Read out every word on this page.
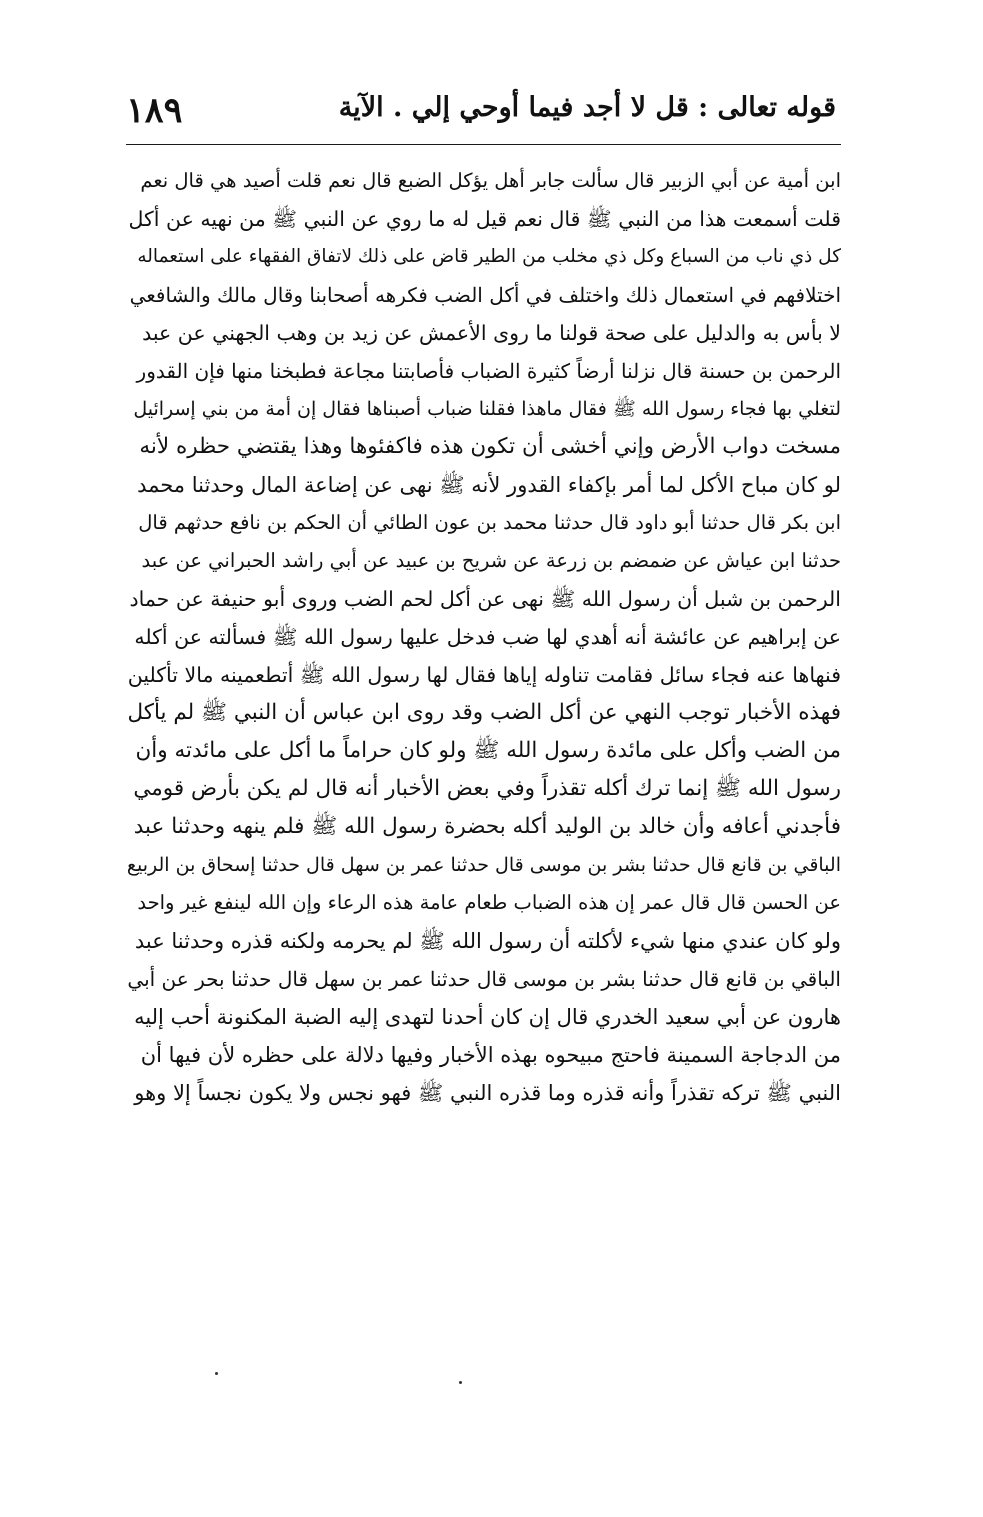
قوله تعالى : قل لا أجد فيما أوحي إلي . الآية
١٨٩
ابن أمية عن أبي الزبير قال سألت جابر أهل يؤكل الضبع قال نعم قلت أصيد هي قال نعم
قلت أسمعت هذا من النبي ﷺ قال نعم قيل له ما روي عن النبي ﷺ من نهيه عن أكل
كل ذي ناب من السباع وكل ذي مخلب من الطير قاض على ذلك لاتفاق الفقهاء على استعماله
اختلافهم في استعمال ذلك واختلف في أكل الضب فكرهه أصحابنا وقال مالك والشافعي
لا بأس به والدليل على صحة قولنا ما روى الأعمش عن زيد بن وهب الجهني عن عبد
الرحمن بن حسنة قال نزلنا أرضاً كثيرة الضباب فأصابتنا مجاعة فطبخنا منها فإن القدور
لتغلي بها فجاء رسول الله ﷺ فقال ماهذا فقلنا ضباب أصبناها فقال إن أمة من بني إسرائيل
مسخت دواب الأرض وإني أخشى أن تكون هذه فاكفئوها وهذا يقتضي حظره لأنه
لو كان مباح الأكل لما أمر بإكفاء القدور لأنه ﷺ نهى عن إضاعة المال وحدثنا محمد
ابن بكر قال حدثنا أبو داود قال حدثنا محمد بن عون الطائي أن الحكم بن نافع حدثهم قال
حدثنا ابن عياش عن ضمضم بن زرعة عن شريح بن عبيد عن أبي راشد الحبراني عن عبد
الرحمن بن شبل أن رسول الله ﷺ نهى عن أكل لحم الضب وروى أبو حنيفة عن حماد
عن إبراهيم عن عائشة أنه أهدي لها ضب فدخل عليها رسول الله ﷺ فسألته عن أكله
فنهاها عنه فجاء سائل فقامت تناوله إياها فقال لها رسول الله ﷺ أتطعمينه مالا تأكلين
فهذه الأخبار توجب النهي عن أكل الضب وقد روى ابن عباس أن النبي ﷺ لم يأكل
من الضب وأكل على مائدة رسول الله ﷺ ولو كان حراماً ما أكل على مائدته وأن
رسول الله ﷺ إنما ترك أكله تقذراً وفي بعض الأخبار أنه قال لم يكن بأرض قومي
فأجدني أعافه وأن خالد بن الوليد أكله بحضرة رسول الله ﷺ فلم ينهه وحدثنا عبد
الباقي بن قانع قال حدثنا بشر بن موسى قال حدثنا عمر بن سهل قال حدثنا إسحاق بن الربيع
عن الحسن قال قال عمر إن هذه الضباب طعام عامة هذه الرعاء وإن الله لينفع غير واحد
ولو كان عندي منها شيء لأكلته أن رسول الله ﷺ لم يحرمه ولكنه قذره وحدثنا عبد
الباقي بن قانع قال حدثنا بشر بن موسى قال حدثنا عمر بن سهل قال حدثنا بحر عن أبي
هارون عن أبي سعيد الخدري قال إن كان أحدنا لتهدى إليه الضبة المكنونة أحب إليه
من الدجاجة السمينة فاحتج مبيحوه بهذه الأخبار وفيها دلالة على حظره لأن فيها أن
النبي ﷺ تركه تقذراً وأنه قذره وما قذره النبي ﷺ فهو نجس ولا يكون نجساً إلا وهو
